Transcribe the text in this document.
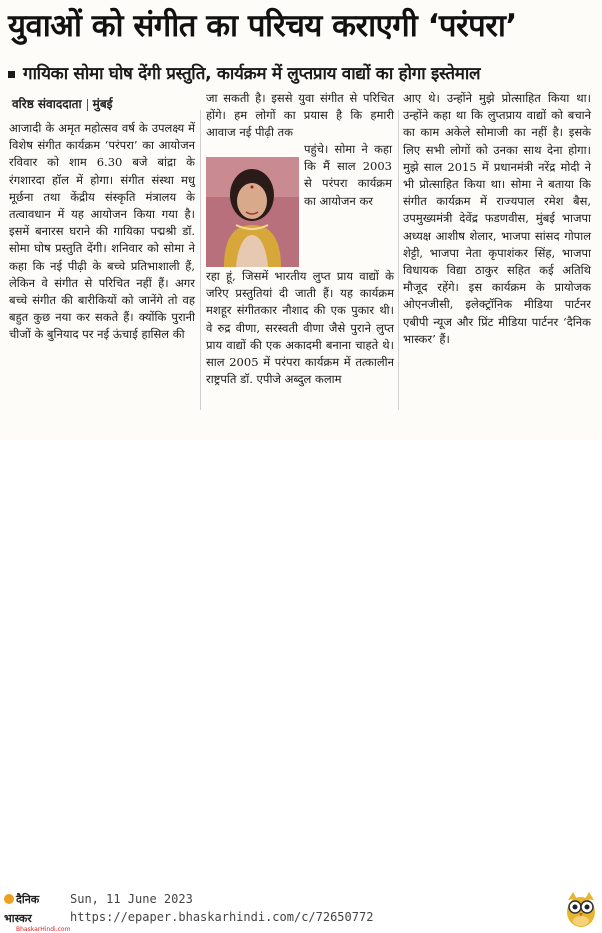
युवाओं को संगीत का परिचय कराएगी ‘परंपरा’
गायिका सोमा घोष देंगी प्रस्तुति, कार्यक्रम में लुप्तप्राय वाद्यों का होगा इस्तेमाल
वरिष्ठ संवाददाता मुंबई

आजादी के अमृत महोत्सव वर्ष के उपलक्ष्य में विशेष संगीत कार्यक्रम ‘परंपरा’ का आयोजन रविवार को शाम 6.30 बजे बांद्रा के रंगशारदा हॉल में होगा। संगीत संस्था मधु मूर्छना तथा केंद्रीय संस्कृति मंत्रालय के तत्वावधान में यह आयोजन किया गया है। इसमें बनारस घराने की गायिका पद्मश्री डॉ. सोमा घोष प्रस्तुति देंगी। शनिवार को सोमा ने कहा कि नई पीढ़ी के बच्चे प्रतिभाशाली हैं, लेकिन वे संगीत से परिचित नहीं हैं। अगर बच्चे संगीत की बारीकियों को जानेंगे तो वह बहुत कुछ नया कर सकते हैं। क्योंकि पुरानी चीजों के बुनियाद पर नई ऊंचाई हासिल की

जा सकती है। इससे युवा संगीत से परिचित होंगे। हम लोगों का प्रयास है कि हमारी आवाज नई पीढ़ी तक
पहुंचे। सोमा ने कहा कि मैं साल 2003 से परंपरा कार्यक्रम का आयोजन कर
रहा हूं, जिसमें भारतीय लुप्त प्राय वाद्यों के जरिए प्रस्तुतियां दी जाती हैं। यह कार्यक्रम मशहूर संगीतकार नौशाद की एक पुकार थी। वे रुद्र वीणा, सरस्वती वीणा जैसे पुराने लुप्त प्राय वाद्यों की एक अकादमी बनाना चाहते थे। साल 2005 में परंपरा कार्यक्रम में तत्कालीन राष्ट्रपति डॉ. एपीजे अब्दुल कलाम

आए थे। उन्होंने मुझे प्रोत्साहित किया था। उन्होंने कहा था कि लुप्तप्राय वाद्यों को बचाने का काम अकेले सोमाजी का नहीं है। इसके लिए सभी लोगों को उनका साथ देना होगा। मुझे साल 2015 में प्रधानमंत्री नरेंद्र मोदी ने भी प्रोत्साहित किया था। सोमा ने बताया कि संगीत कार्यक्रम में राज्यपाल रमेश बैस, उपमुख्यमंत्री देवेंद्र फडणवीस, मुंबई भाजपा अध्यक्ष आशीष शेलार, भाजपा सांसद गोपाल शेट्टी, भाजपा नेता कृपाशंकर सिंह, भाजपा विधायक विद्या ठाकुर सहित कई अतिथि मौजूद रहेंगे। इस कार्यक्रम के प्रायोजक ओएनजीसी, इलेक्ट्रॉनिक मीडिया पार्टनर एबीपी न्यूज और प्रिंट मीडिया पार्टनर ‘दैनिक भास्कर’ हैं।

दैनिक भास्कर
BhaskarHindi.com
Sun, 11 June 2023
https://epaper.bhaskarhindi.com/c/72650772
